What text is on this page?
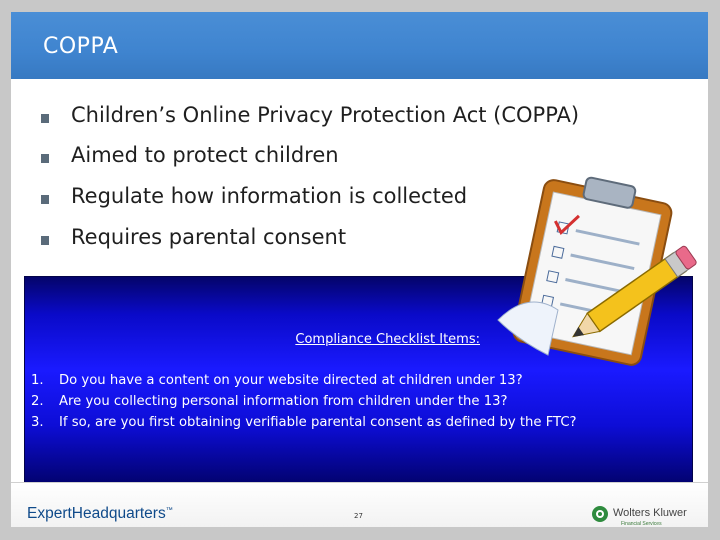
COPPA
Children’s Online Privacy Protection Act (COPPA)
Aimed to protect children
Regulate how information is collected
Requires parental consent
Compliance Checklist Items:
1. Do you have a content on your website directed at children under 13?
2. Are you collecting personal information from children under the 13?
3. If so, are you first obtaining verifiable parental consent as defined by the FTC?
ExpertHeadquarters™
27	Wolters Kluwer
Financial Services
